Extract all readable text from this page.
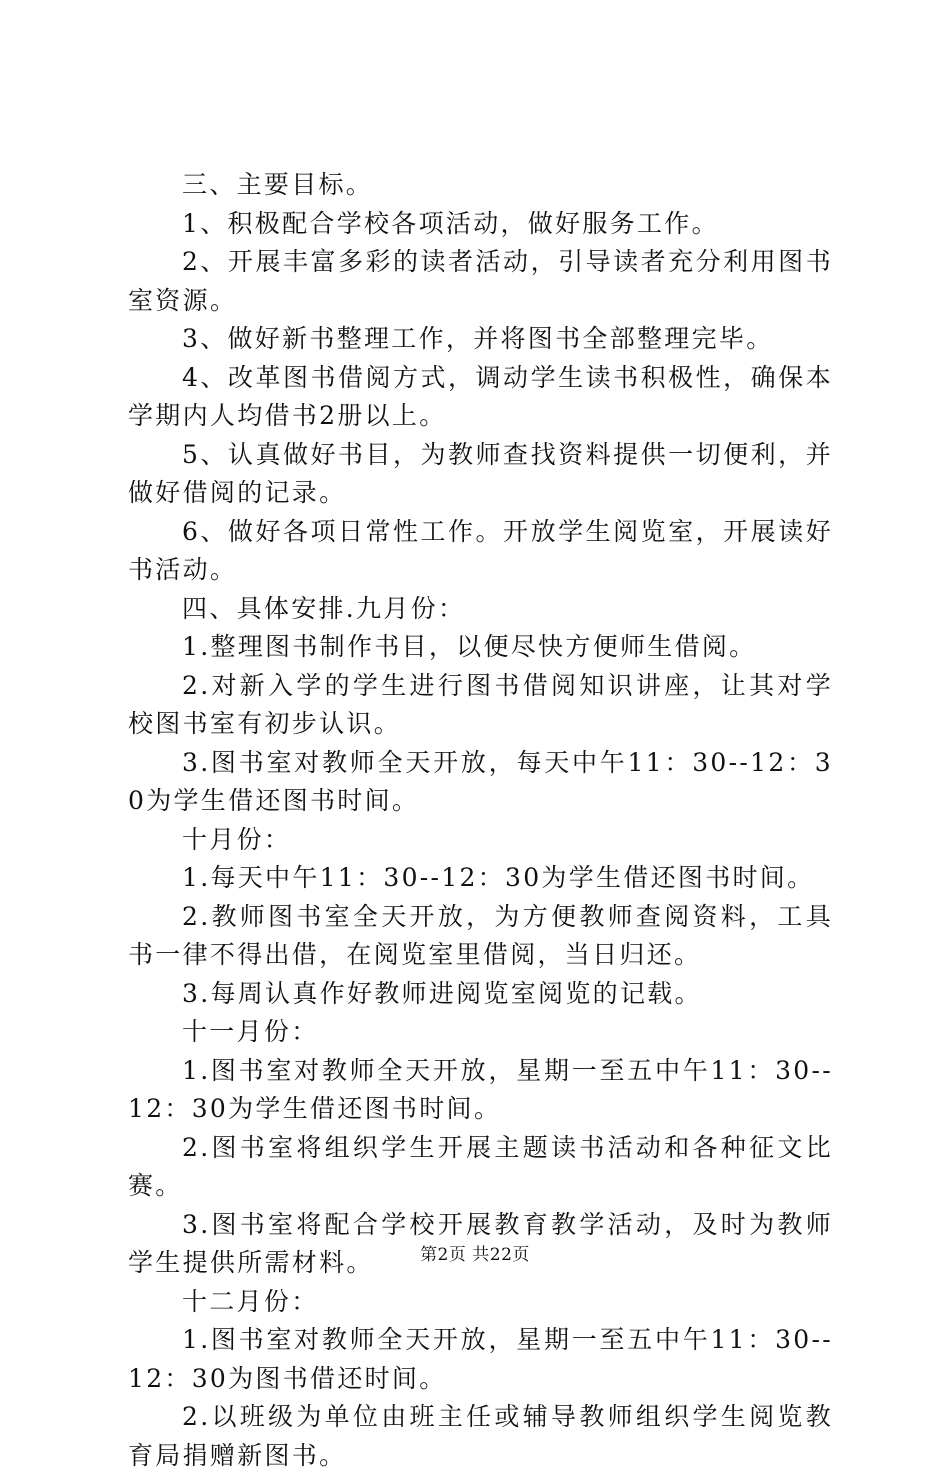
三、主要目标。

1、积极配合学校各项活动，做好服务工作。

2、开展丰富多彩的读者活动，引导读者充分利用图书室资源。

3、做好新书整理工作，并将图书全部整理完毕。

4、改革图书借阅方式，调动学生读书积极性，确保本学期内人均借书2册以上。

5、认真做好书目，为教师查找资料提供一切便利，并做好借阅的记录。

6、做好各项日常性工作。开放学生阅览室，开展读好书活动。

四、具体安排.九月份：

1.整理图书制作书目，以便尽快方便师生借阅。

2.对新入学的学生进行图书借阅知识讲座，让其对学校图书室有初步认识。

3.图书室对教师全天开放，每天中午11：30--12：30为学生借还图书时间。

十月份：

1.每天中午11：30--12：30为学生借还图书时间。

2.教师图书室全天开放，为方便教师查阅资料，工具书一律不得出借，在阅览室里借阅，当日归还。

3.每周认真作好教师进阅览室阅览的记载。

十一月份：

1.图书室对教师全天开放，星期一至五中午11：30--12：30为学生借还图书时间。

2.图书室将组织学生开展主题读书活动和各种征文比赛。

3.图书室将配合学校开展教育教学活动，及时为教师学生提供所需材料。

十二月份：

1.图书室对教师全天开放，星期一至五中午11：30--12：30为图书借还时间。

2.以班级为单位由班主任或辅导教师组织学生阅览教育局捐赠新图书。

第2页 共22页
